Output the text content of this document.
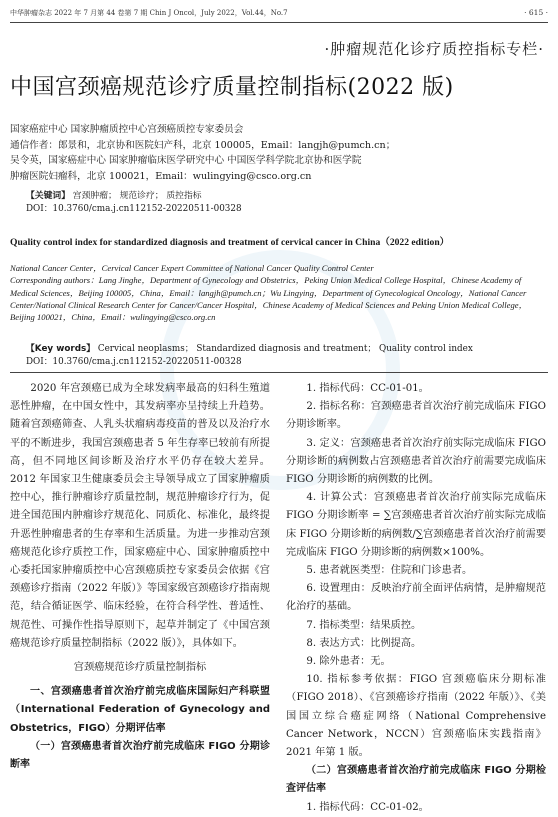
中华肿瘤杂志 2022 年 7 月第 44 卷第 7 期 Chin J Oncol，July 2022，Vol.44，No.7	· 615 ·
·肿瘤规范化诊疗质控指标专栏·
中国宫颈癌规范诊疗质量控制指标(2022 版)
国家癌症中心 国家肿瘤质控中心宫颈癌质控专家委员会
通信作者：郎景和，北京协和医院妇产科，北京 100005，Email：langjh@pumch.cn；
吴令英，国家癌症中心 国家肿瘤临床医学研究中心 中国医学科学院北京协和医学院
肿瘤医院妇瘤科，北京 100021，Email：wulingying@csco.org.cn
【关键词】 宫颈肿瘤； 规范诊疗； 质控指标
DOI：10.3760/cma.j.cn112152-20220511-00328
Quality control index for standardized diagnosis and treatment of cervical cancer in China（2022 edition）
National Cancer Center，Cervical Cancer Expert Committee of National Cancer Quality Control Center
Corresponding authors：Lang Jinghe，Department of Gynecology and Obstetrics，Peking Union Medical College Hospital，Chinese Academy of Medical Sciences，Beijing 100005，China，Email：langjh@pumch.cn；Wu Lingying，Department of Gynecological Oncology，National Cancer Center/National Clinical Research Center for Cancer/Cancer Hospital，Chinese Academy of Medical Sciences and Peking Union Medical College，Beijing 100021，China，Email：wulingying@csco.org.cn
【Key words】 Cervical neoplasms； Standardized diagnosis and treatment； Quality control index
DOI：10.3760/cma.j.cn112152-20220511-00328

2020 年宫颈癌已成为全球发病率最高的妇科生殖道恶性肿瘤，在中国女性中，其发病率亦呈持续上升趋势。随着宫颈癌筛查、人乳头状瘤病毒疫苗的普及以及治疗水平的不断进步，我国宫颈癌患者 5 年生存率已较前有所提高，但不同地区间诊断及治疗水平仍存在较大差异。2012 年国家卫生健康委员会主导领导成立了国家肿瘤质控中心，推行肿瘤诊疗质量控制，规范肿瘤诊疗行为，促进全国范围内肿瘤诊疗规范化、同质化、标准化，最终提升恶性肿瘤患者的生存率和生活质量。为进一步推动宫颈癌规范化诊疗质控工作，国家癌症中心、国家肿瘤质控中心委托国家肿瘤质控中心宫颈癌质控专家委员会依据《宫颈癌诊疗指南（2022 年版）》等国家级宫颈癌诊疗指南规范，结合循证医学、临床经验，在符合科学性、普适性、规范性、可操作性指导原则下，起草并制定了《中国宫颈癌规范诊疗质量控制指标（2022 版）》，具体如下。

宫颈癌规范诊疗质量控制指标

一、宫颈癌患者首次治疗前完成临床国际妇产科联盟（International Federation of Gynecology and Obstetrics，FIGO）分期评估率

（一）宫颈癌患者首次治疗前完成临床 FIGO 分期诊断率

1. 指标代码：CC-01-01。

2. 指标名称：宫颈癌患者首次治疗前完成临床 FIGO 分期诊断率。

3. 定义：宫颈癌患者首次治疗前实际完成临床 FIGO 分期诊断的病例数占宫颈癌患者首次治疗前需要完成临床 FIGO 分期诊断的病例数的比例。

4. 计算公式：宫颈癌患者首次治疗前实际完成临床 FIGO 分期诊断率 = ∑宫颈癌患者首次治疗前实际完成临床 FIGO 分期诊断的病例数/∑宫颈癌患者首次治疗前需要完成临床 FIGO 分期诊断的病例数×100%。

5. 患者就医类型：住院和门诊患者。

6. 设置理由：反映治疗前全面评估病情，是肿瘤规范化治疗的基础。

7. 指标类型：结果质控。

8. 表达方式：比例提高。

9. 除外患者：无。

10. 指标参考依据：FIGO 宫颈癌临床分期标准（FIGO 2018）、《宫颈癌诊疗指南（2022 年版）》、《美国国立综合癌症网络（National Comprehensive Cancer Network，NCCN）宫颈癌临床实践指南》2021 年第 1 版。

（二）宫颈癌患者首次治疗前完成临床 FIGO 分期检查评估率

1. 指标代码：CC-01-02。
